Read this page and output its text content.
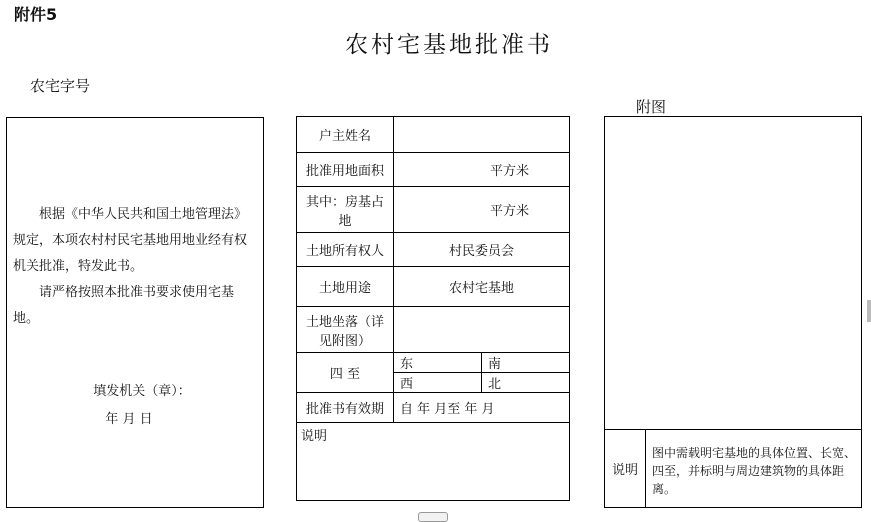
附件5
农村宅基地批准书
农宅字号
附图
根据《中华人民共和国土地管理法》规定，本项农村村民宅基地用地业经有权机关批准，特发此书。
请严格按照本批准书要求使用宅基地。
填发机关（章）：
年 月 日
户主姓名		
批准用地面积	平方米	
其中：房基占地	平方米	
土地所有权人	村民委员会	
土地用途	农村宅基地	
土地坐落（详见附图）		
四 至	东	南
	西	北
批准书有效期	自 年 月至 年 月	
说明		
说明
图中需载明宅基地的具体位置、长宽、四至，并标明与周边建筑物的具体距离。
